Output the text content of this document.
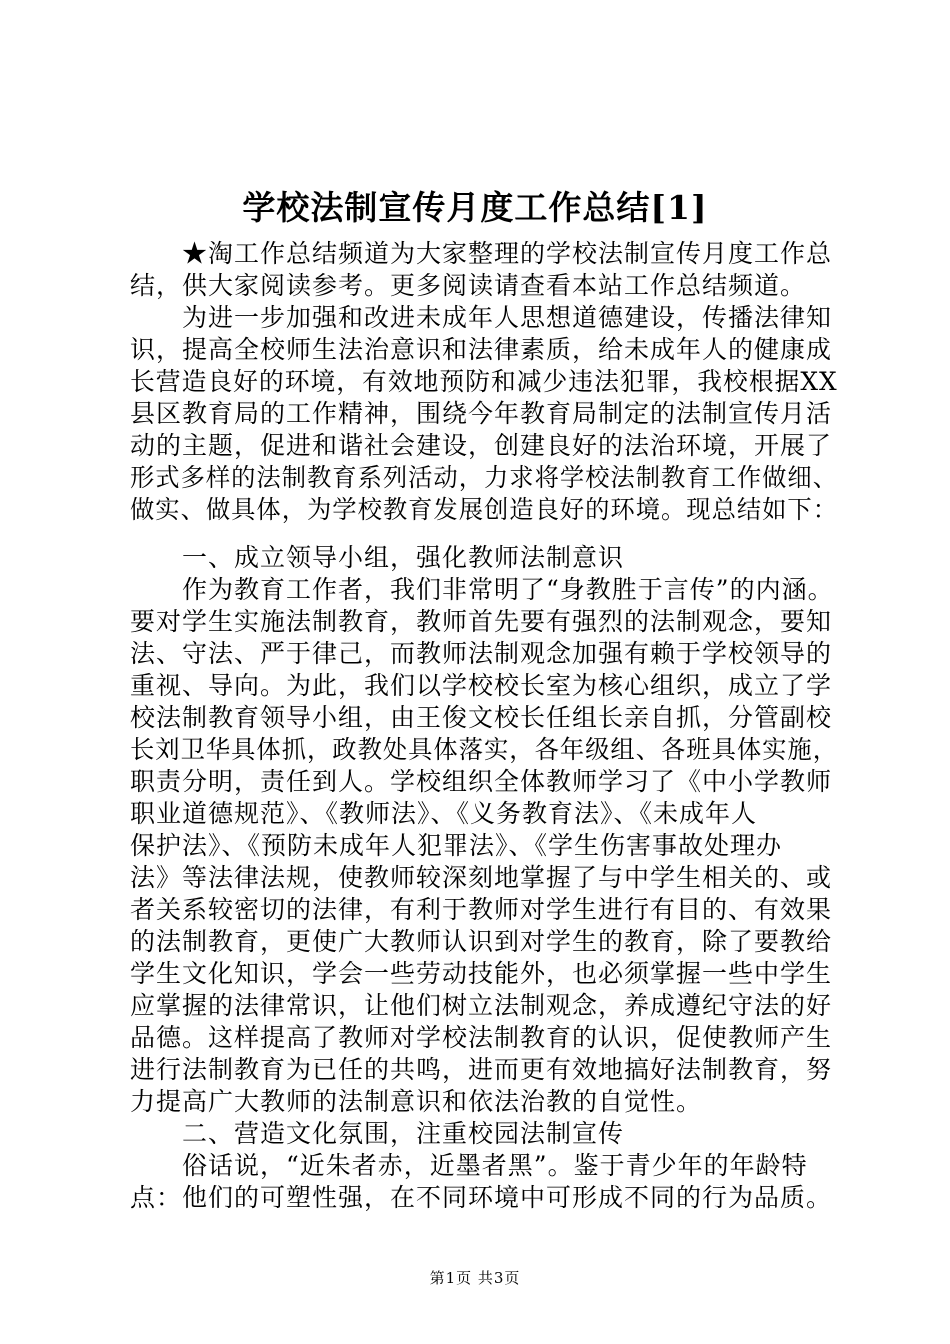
学校法制宣传月度工作总结[1]
★淘工作总结频道为大家整理的学校法制宣传月度工作总
结，供大家阅读参考。更多阅读请查看本站工作总结频道。
为进一步加强和改进未成年人思想道德建设，传播法律知
识，提高全校师生法治意识和法律素质，给未成年人的健康成
长营造良好的环境，有效地预防和减少违法犯罪，我校根据XX
县区教育局的工作精神，围绕今年教育局制定的法制宣传月活
动的主题，促进和谐社会建设，创建良好的法治环境，开展了
形式多样的法制教育系列活动，力求将学校法制教育工作做细、
做实、做具体，为学校教育发展创造良好的环境。现总结如下：
一、成立领导小组，强化教师法制意识
作为教育工作者，我们非常明了“身教胜于言传”的内涵。
要对学生实施法制教育，教师首先要有强烈的法制观念，要知
法、守法、严于律己，而教师法制观念加强有赖于学校领导的
重视、导向。为此，我们以学校校长室为核心组织，成立了学
校法制教育领导小组，由王俊文校长任组长亲自抓，分管副校
长刘卫华具体抓，政教处具体落实，各年级组、各班具体实施，
职责分明，责任到人。学校组织全体教师学习了《中小学教师
职业道德规范》、《教师法》、《义务教育法》、《未成年人
保护法》、《预防未成年人犯罪法》、《学生伤害事故处理办
法》等法律法规，使教师较深刻地掌握了与中学生相关的、或
者关系较密切的法律，有利于教师对学生进行有目的、有效果
的法制教育，更使广大教师认识到对学生的教育，除了要教给
学生文化知识，学会一些劳动技能外，也必须掌握一些中学生
应掌握的法律常识，让他们树立法制观念，养成遵纪守法的好
品德。这样提高了教师对学校法制教育的认识，促使教师产生
进行法制教育为已任的共鸣，进而更有效地搞好法制教育，努
力提高广大教师的法制意识和依法治教的自觉性。
二、营造文化氛围，注重校园法制宣传
俗话说，“近朱者赤，近墨者黑”。鉴于青少年的年龄特
点：他们的可塑性强，在不同环境中可形成不同的行为品质。
第1页 共3页
